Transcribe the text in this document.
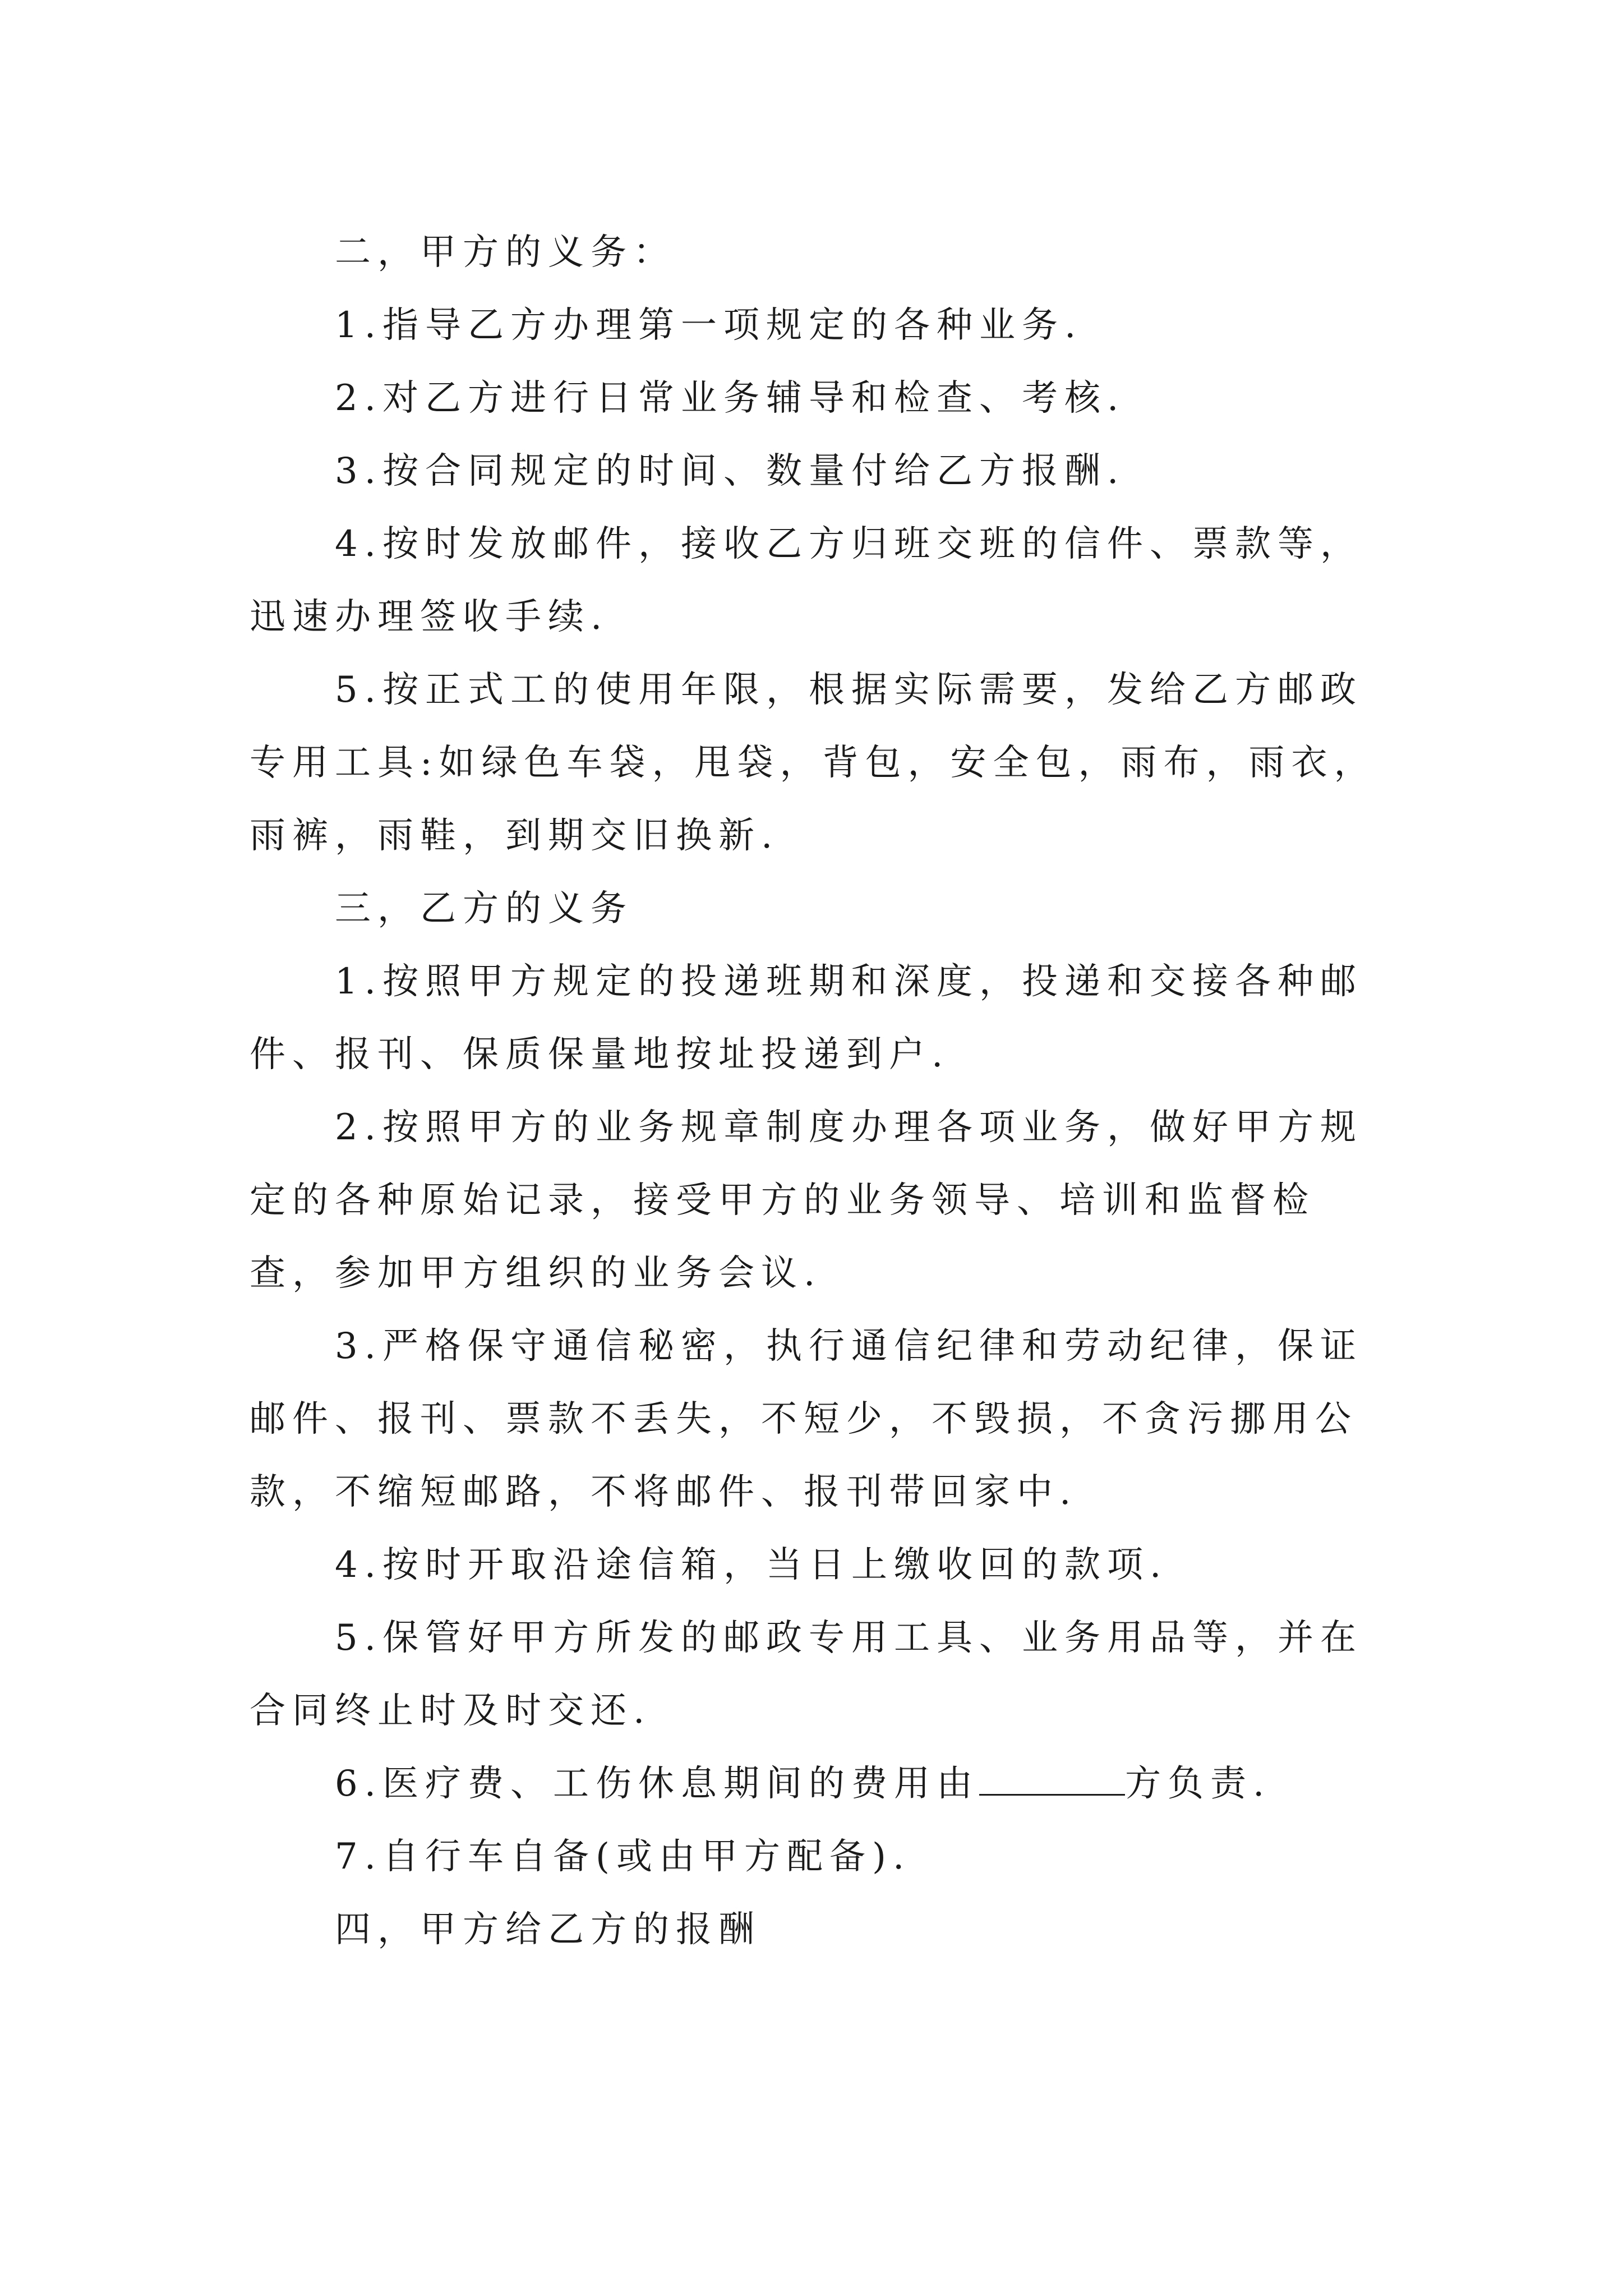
二，甲方的义务：

1.指导乙方办理第一项规定的各种业务.

2.对乙方进行日常业务辅导和检查、考核.

3.按合同规定的时间、数量付给乙方报酬.

4.按时发放邮件，接收乙方归班交班的信件、票款等，迅速办理签收手续.

5.按正式工的使用年限，根据实际需要，发给乙方邮政专用工具:如绿色车袋，甩袋，背包，安全包，雨布，雨衣，雨裤，雨鞋，到期交旧换新.

三，乙方的义务

1.按照甲方规定的投递班期和深度，投递和交接各种邮件、报刊、保质保量地按址投递到户.

2.按照甲方的业务规章制度办理各项业务，做好甲方规定的各种原始记录，接受甲方的业务领导、培训和监督检查，参加甲方组织的业务会议.

3.严格保守通信秘密，执行通信纪律和劳动纪律，保证邮件、报刊、票款不丢失，不短少，不毁损，不贪污挪用公款，不缩短邮路，不将邮件、报刊带回家中.

4.按时开取沿途信箱，当日上缴收回的款项.

5.保管好甲方所发的邮政专用工具、业务用品等，并在合同终止时及时交还.

6.医疗费、工伤休息期间的费用由	方负责.

7.自行车自备(或由甲方配备).

四，甲方给乙方的报酬
